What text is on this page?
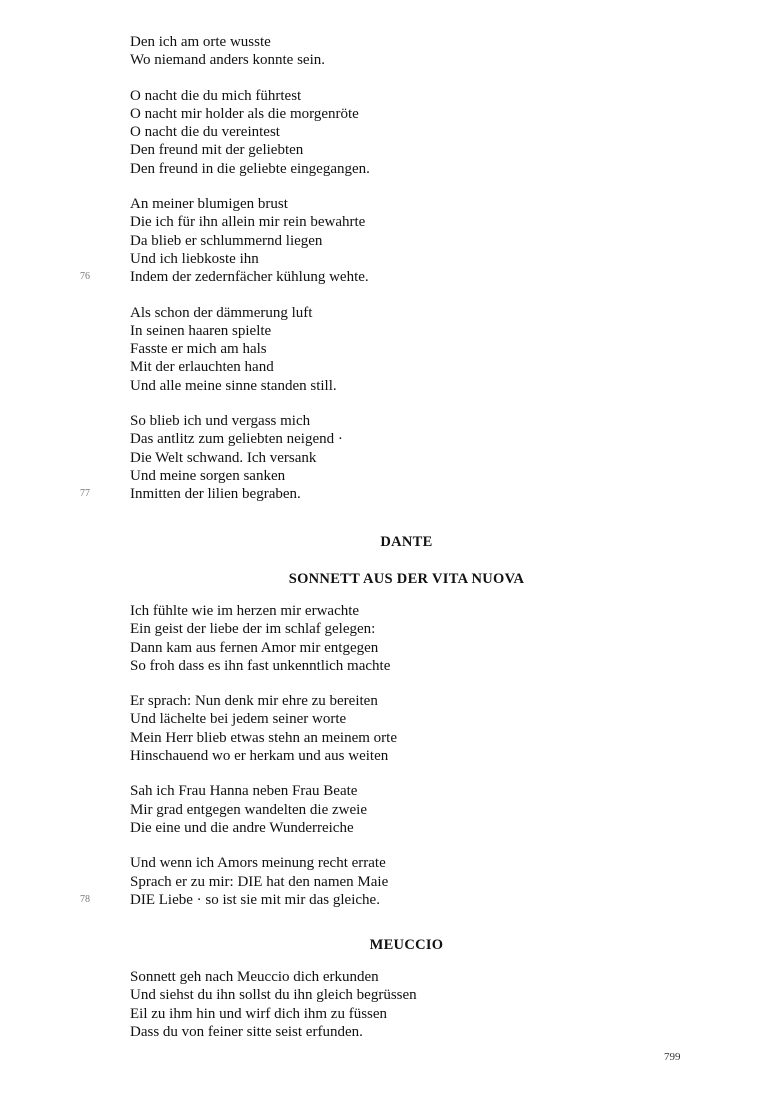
Den ich am orte wusste
Wo niemand anders konnte sein.
O nacht die du mich führtest
O nacht mir holder als die morgenröte
O nacht die du vereintest
Den freund mit der geliebten
Den freund in die geliebte eingegangen.
An meiner blumigen brust
Die ich für ihn allein mir rein bewahrte
Da blieb er schlummernd liegen
Und ich liebkoste ihn
Indem der zedernfächer kühlung wehte.
76
Als schon der dämmerung luft
In seinen haaren spielte
Fasste er mich am hals
Mit der erlauchten hand
Und alle meine sinne standen still.
So blieb ich und vergass mich
Das antlitz zum geliebten neigend ·
Die Welt schwand. Ich versank
Und meine sorgen sanken
Inmitten der lilien begraben.
77
DANTE
SONNETT AUS DER VITA NUOVA
Ich fühlte wie im herzen mir erwachte
Ein geist der liebe der im schlaf gelegen:
Dann kam aus fernen Amor mir entgegen
So froh dass es ihn fast unkenntlich machte
Er sprach: Nun denk mir ehre zu bereiten
Und lächelte bei jedem seiner worte
Mein Herr blieb etwas stehn an meinem orte
Hinschauend wo er herkam und aus weiten
Sah ich Frau Hanna neben Frau Beate
Mir grad entgegen wandelten die zweie
Die eine und die andre Wunderreiche
Und wenn ich Amors meinung recht errate
Sprach er zu mir: DIE hat den namen Maie
DIE Liebe · so ist sie mit mir das gleiche.
78
MEUCCIO
Sonnett geh nach Meuccio dich erkunden
Und siehst du ihn sollst du ihn gleich begrüssen
Eil zu ihm hin und wirf dich ihm zu füssen
Dass du von feiner sitte seist erfunden.
799
